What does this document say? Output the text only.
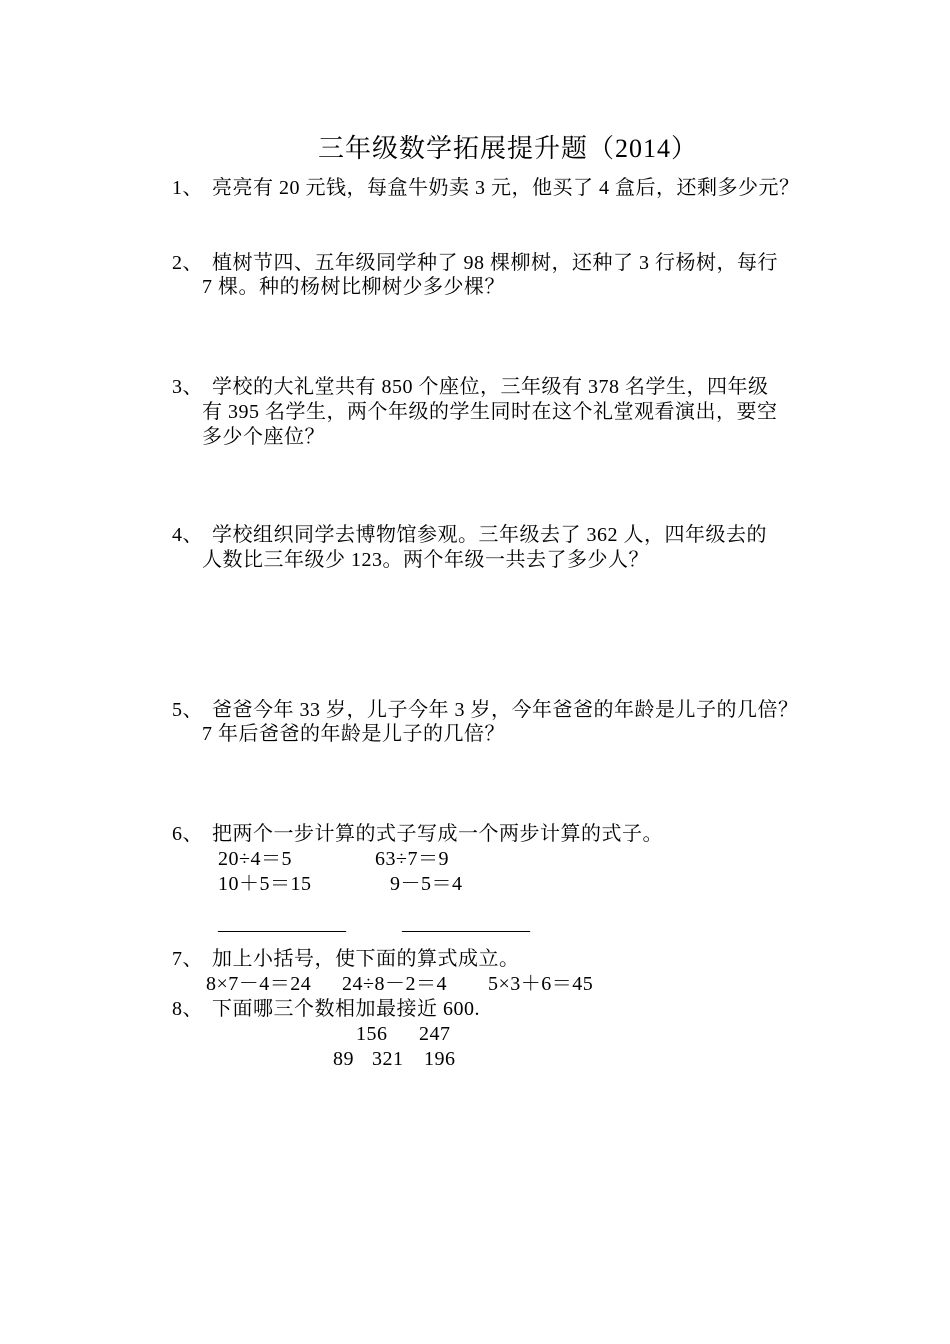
三年级数学拓展提升题（2014）
1、 亮亮有 20 元钱，每盒牛奶卖 3 元，他买了 4 盒后，还剩多少元？
2、 植树节四、五年级同学种了 98 棵柳树，还种了 3 行杨树，每行
7 棵。种的杨树比柳树少多少棵？
3、 学校的大礼堂共有 850 个座位，三年级有 378 名学生，四年级
有 395 名学生，两个年级的学生同时在这个礼堂观看演出，要空
多少个座位？
4、 学校组织同学去博物馆参观。三年级去了 362 人，四年级去的
人数比三年级少 123。两个年级一共去了多少人？
5、 爸爸今年 33 岁，儿子今年 3 岁，今年爸爸的年龄是儿子的几倍？
7 年后爸爸的年龄是儿子的几倍？
6、 把两个一步计算的式子写成一个两步计算的式子。
20÷4＝5	63÷7＝9
10＋5＝15	9－5＝4
———————	———————
7、 加上小括号，使下面的算式成立。
8×7－4＝24 24÷8－2＝4 5×3＋6＝45
8、 下面哪三个数相加最接近 600.
156 247
89 321 196
